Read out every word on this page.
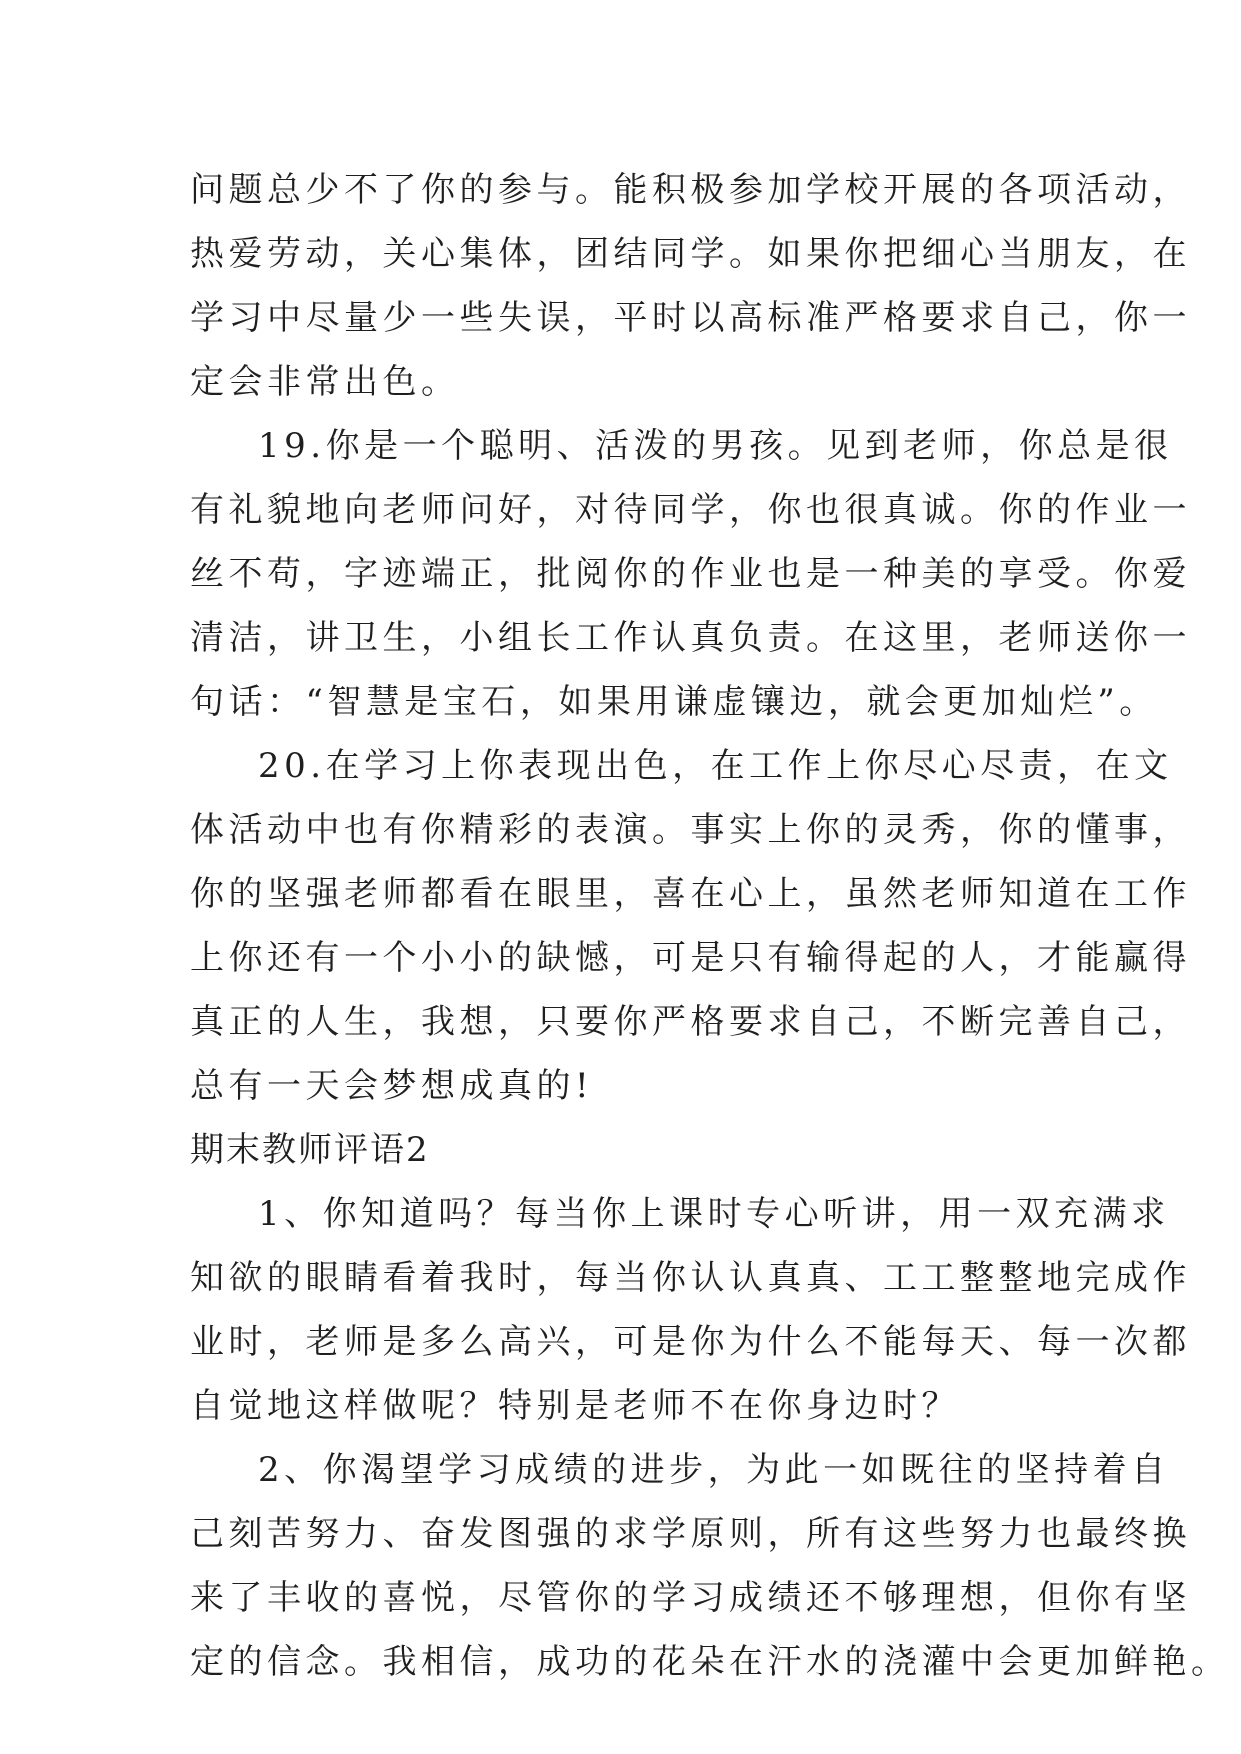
问题总少不了你的参与。能积极参加学校开展的各项活动，
热爱劳动，关心集体，团结同学。如果你把细心当朋友，在
学习中尽量少一些失误，平时以高标准严格要求自己，你一
定会非常出色。
19.你是一个聪明、活泼的男孩。见到老师，你总是很
有礼貌地向老师问好，对待同学，你也很真诚。你的作业一
丝不苟，字迹端正，批阅你的作业也是一种美的享受。你爱
清洁，讲卫生，小组长工作认真负责。在这里，老师送你一
句话：“智慧是宝石，如果用谦虚镶边，就会更加灿烂”。
20.在学习上你表现出色，在工作上你尽心尽责，在文
体活动中也有你精彩的表演。事实上你的灵秀，你的懂事，
你的坚强老师都看在眼里，喜在心上，虽然老师知道在工作
上你还有一个小小的缺憾，可是只有输得起的人，才能赢得
真正的人生，我想，只要你严格要求自己，不断完善自己，
总有一天会梦想成真的!
期末教师评语2
1、你知道吗？每当你上课时专心听讲，用一双充满求
知欲的眼睛看着我时，每当你认认真真、工工整整地完成作
业时，老师是多么高兴，可是你为什么不能每天、每一次都
自觉地这样做呢？特别是老师不在你身边时？
2、你渴望学习成绩的进步，为此一如既往的坚持着自
己刻苦努力、奋发图强的求学原则，所有这些努力也最终换
来了丰收的喜悦，尽管你的学习成绩还不够理想，但你有坚
定的信念。我相信，成功的花朵在汗水的浇灌中会更加鲜艳。
